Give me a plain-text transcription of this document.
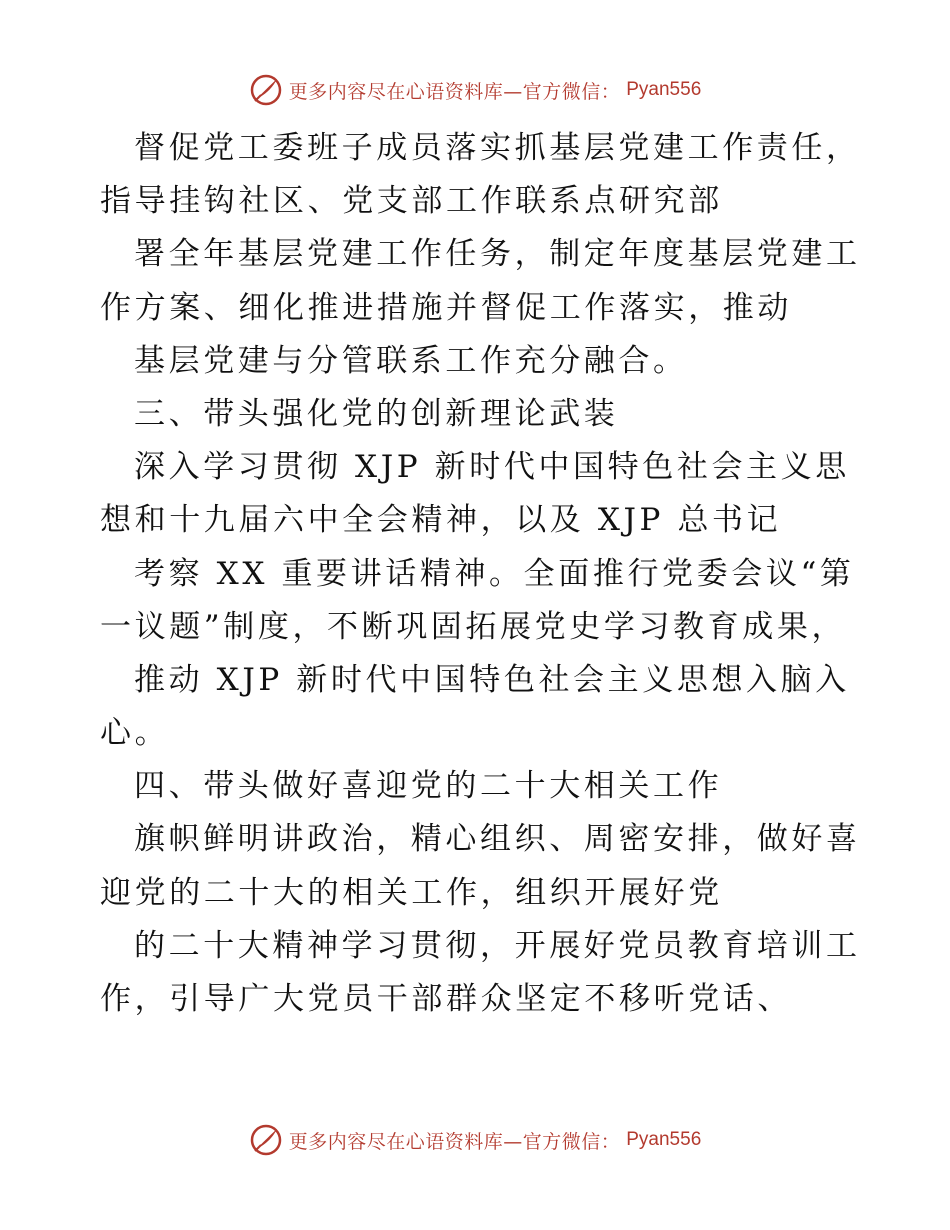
更多内容尽在心语资料库—官方微信： Pyan556
督促党工委班子成员落实抓基层党建工作责任，
指导挂钩社区、党支部工作联系点研究部
署全年基层党建工作任务，制定年度基层党建工
作方案、细化推进措施并督促工作落实，推动
基层党建与分管联系工作充分融合。
三、带头强化党的创新理论武装
深入学习贯彻 XJP 新时代中国特色社会主义思
想和十九届六中全会精神，以及 XJP 总书记
考察 XX 重要讲话精神。全面推行党委会议“第
一议题”制度，不断巩固拓展党史学习教育成果，
推动 XJP 新时代中国特色社会主义思想入脑入
心。
四、带头做好喜迎党的二十大相关工作
旗帜鲜明讲政治，精心组织、周密安排，做好喜
迎党的二十大的相关工作，组织开展好党
的二十大精神学习贯彻，开展好党员教育培训工
作，引导广大党员干部群众坚定不移听党话、
更多内容尽在心语资料库—官方微信： Pyan556
